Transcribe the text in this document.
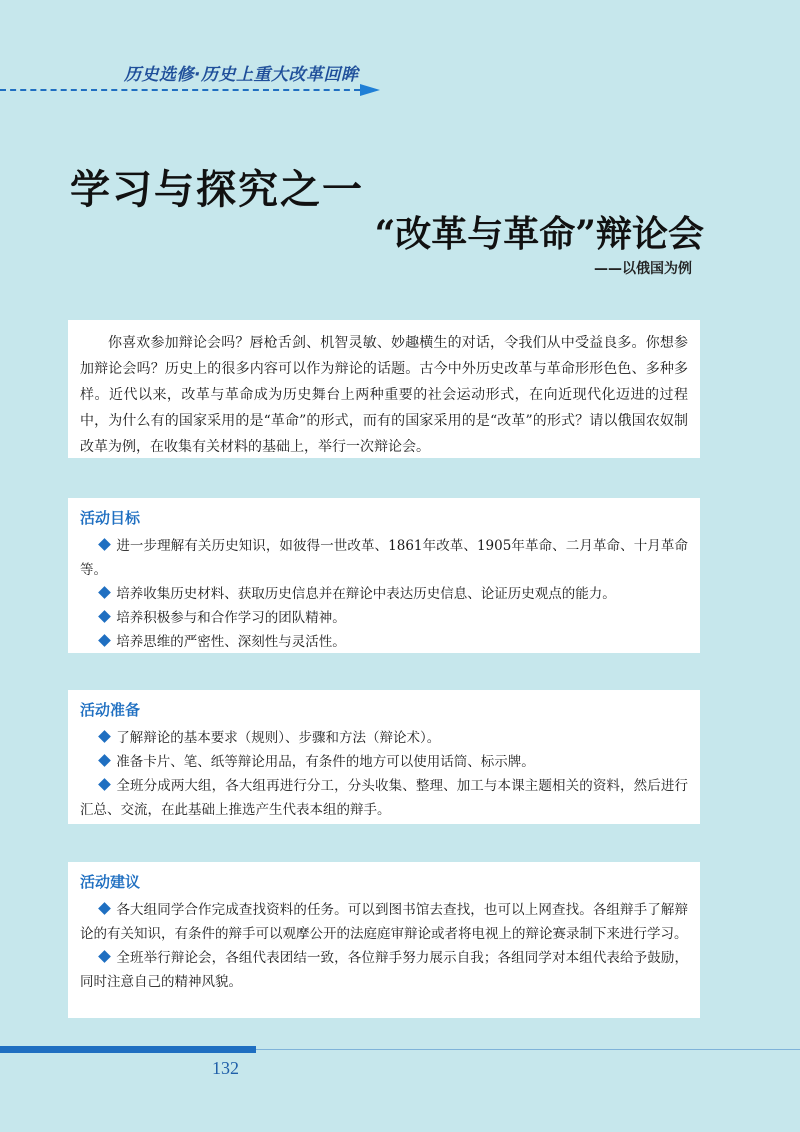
历史选修·历史上重大改革回眸
学习与探究之一
“改革与革命”辩论会
——以俄国为例

你喜欢参加辩论会吗？唇枪舌剑、机智灵敏、妙趣横生的对话，令我们从中受益良多。你想参加辩论会吗？历史上的很多内容可以作为辩论的话题。古今中外历史改革与革命形形色色、多种多样。近代以来，改革与革命成为历史舞台上两种重要的社会运动形式，在向近现代化迈进的过程中，为什么有的国家采用的是“革命”的形式，而有的国家采用的是“改革”的形式？请以俄国农奴制改革为例，在收集有关材料的基础上，举行一次辩论会。

活动目标

进一步理解有关历史知识，如彼得一世改革、1861年改革、1905年革命、二月革命、十月革命等。

培养收集历史材料、获取历史信息并在辩论中表达历史信息、论证历史观点的能力。

培养积极参与和合作学习的团队精神。

培养思维的严密性、深刻性与灵活性。

活动准备

了解辩论的基本要求（规则）、步骤和方法（辩论术）。

准备卡片、笔、纸等辩论用品，有条件的地方可以使用话筒、标示牌。

全班分成两大组，各大组再进行分工，分头收集、整理、加工与本课主题相关的资料，然后进行汇总、交流，在此基础上推选产生代表本组的辩手。

活动建议

各大组同学合作完成查找资料的任务。可以到图书馆去查找，也可以上网查找。各组辩手了解辩论的有关知识，有条件的辩手可以观摩公开的法庭庭审辩论或者将电视上的辩论赛录制下来进行学习。

全班举行辩论会，各组代表团结一致，各位辩手努力展示自我；各组同学对本组代表给予鼓励，同时注意自己的精神风貌。

132
